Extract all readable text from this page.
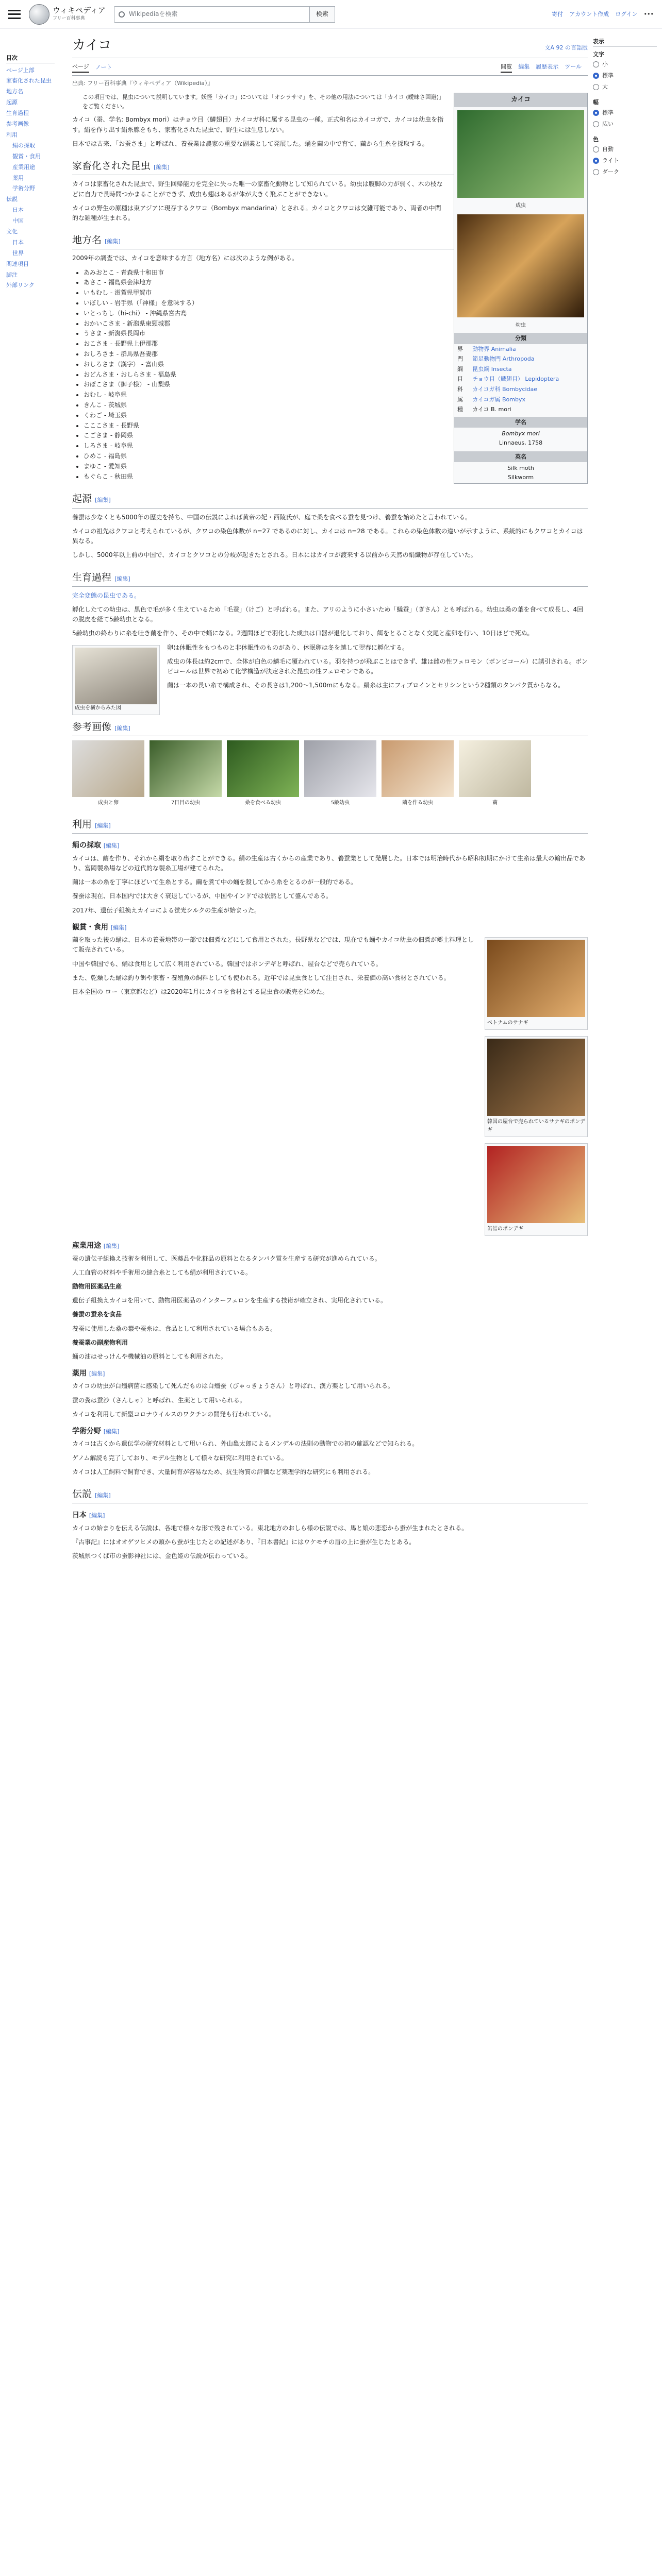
ウィキペディア
フリー百科事典
Wikipediaを検索	検索	寄付 アカウント作成 ログイン •••
目次
ページ上部
家畜化された昆虫
地方名
起源
生育過程
参考画像
利用
絹の採取
観賞・食用
産業用途
薬用
学術分野
伝説
日本
中国
文化
日本
世界
関連項目
脚注
外部リンク
カイコ	文A 92 の言語版
ページ ノート	閲覧 編集 履歴表示 ツール
出典: フリー百科事典『ウィキペディア（Wikipedia）』
カイコ
成虫
幼虫
分類
界	動物界 Animalia
門	節足動物門 Arthropoda
綱	昆虫綱 Insecta
目	チョウ目（鱗翅目） Lepidoptera
科	カイコガ科 Bombycidae
属	カイコガ属 Bombyx
種	カイコ B. mori
学名
Bombyx mori
Linnaeus, 1758
英名
Silk moth
Silkworm
この項目では、昆虫について説明しています。妖怪「カイコ」については「オシラサマ」を、その他の用法については「カイコ (曖昧さ回避)」をご覧ください。

カイコ（蚕、学名: Bombyx mori）はチョウ目（鱗翅目）カイコガ科に属する昆虫の一種。正式和名はカイコガで、カイコは幼虫を指す。絹を作り出す絹糸腺をもち、家畜化された昆虫で、野生には生息しない。

日本では古来、「お蚕さま」と呼ばれ、養蚕業は農家の重要な副業として発展した。蛹を繭の中で育て、繭から生糸を採取する。

家畜化された昆虫 [編集]

カイコは家畜化された昆虫で、野生回帰能力を完全に失った唯一の家畜化動物として知られている。幼虫は腹脚の力が弱く、木の枝などに自力で長時間つかまることができず、成虫も翅はあるが体が大きく飛ぶことができない。

カイコの野生の原種は東アジアに現存するクワコ（Bombyx mandarina）とされる。カイコとクワコは交雑可能であり、両者の中間的な雑種が生まれる。

地方名 [編集]

2009年の調査では、カイコを意味する方言（地方名）には次のような例がある。

• あみおとこ - 青森県十和田市
• あさこ - 福島県会津地方
• いもむし - 滋賀県甲賀市
• いぼしい - 岩手県（「神様」を意味する）
• いとっちし（hi-chi） - 沖縄県宮古島
• おかいこさま - 新潟県東頸城郡
• うさま - 新潟県長岡市
• おこさま - 長野県上伊那郡
• おしろさま - 群馬県吾妻郡
• おしろさま（漢字） - 富山県
• おどんさま・おしらさま - 福島県
• おぼこさま（御子様） - 山梨県
• おむし - 岐阜県
• きんこ - 茨城県
• くわご - 埼玉県
• こここさま - 長野県
• こごさま - 静岡県
• しろさま - 岐阜県
• ひめこ - 福島県
• まゆこ - 愛知県
• もぐらこ - 秋田県
起源 [編集]

養蚕は少なくとも5000年の歴史を持ち、中国の伝説によれば黄帝の妃・西陵氏が、庭で桑を食べる蚕を見つけ、養蚕を始めたと言われている。

カイコの祖先はクワコと考えられているが、クワコの染色体数が n=27 であるのに対し、カイコは n=28 である。これらの染色体数の違いが示すように、系統的にもクワコとカイコは異なる。

しかし、5000年以上前の中国で、カイコとクワコとの分岐が起きたとされる。日本にはカイコが渡来する以前から天然の絹織物が存在していた。

生育過程 [編集]

完全変態の昆虫である。

孵化したての幼虫は、黒色で毛が多く生えているため「毛蚕」（けご）と呼ばれる。また、アリのように小さいため「蟻蚕」（ぎさん）とも呼ばれる。幼虫は桑の葉を食べて成長し、4回の脱皮を経て5齢幼虫となる。

5齢幼虫の終わりに糸を吐き繭を作り、その中で蛹になる。2週間ほどで羽化した成虫は口器が退化しており、餌をとることなく交尾と産卵を行い、10日ほどで死ぬ。

成虫を横からみた図

卵は休眠性をもつものと非休眠性のものがあり、休眠卵は冬を越して翌春に孵化する。

成虫の体長は約2cmで、全体が白色の鱗毛に覆われている。羽を持つが飛ぶことはできず、雄は雌の性フェロモン（ボンビコール）に誘引される。ボンビコールは世界で初めて化学構造が決定された昆虫の性フェロモンである。

繭は一本の長い糸で構成され、その長さは1,200〜1,500mにもなる。絹糸は主にフィブロインとセリシンという2種類のタンパク質からなる。

参考画像 [編集]
成虫と卵	7日目の幼虫	桑を食べる幼虫	5齢幼虫	繭を作る幼虫	繭
利用 [編集]
絹の採取 [編集]

カイコは、繭を作り、それから絹を取り出すことができる。絹の生産は古くからの産業であり、養蚕業として発展した。日本では明治時代から昭和初期にかけて生糸は最大の輸出品であり、富岡製糸場などの近代的な製糸工場が建てられた。

繭は一本の糸を丁寧にほどいて生糸とする。繭を煮て中の蛹を殺してから糸をとるのが一般的である。

養蚕は現在、日本国内では大きく衰退しているが、中国やインドでは依然として盛んである。

2017年、遺伝子組換えカイコによる蛍光シルクの生産が始まった。

観賞・食用 [編集]
ベトナムのサナギ

繭を取った後の蛹は、日本の養蚕地帯の一部では佃煮などにして食用とされた。長野県などでは、現在でも蛹やカイコ幼虫の佃煮が郷土料理として販売されている。

中国や韓国でも、蛹は食用として広く利用されている。韓国ではポンデギと呼ばれ、屋台などで売られている。

韓国の屋台で売られているサナギのポンデギ

また、乾燥した蛹は釣り餌や家畜・養殖魚の飼料としても使われる。近年では昆虫食として注目され、栄養価の高い食材とされている。

日本全国の ロー（東京都など）は2020年1月にカイコを食材とする昆虫食の販売を始めた。

缶詰のポンデギ
産業用途 [編集]

蚕の遺伝子組換え技術を利用して、医薬品や化粧品の原料となるタンパク質を生産する研究が進められている。

人工血管の材料や手術用の縫合糸としても絹が利用されている。

動物用医薬品生産

遺伝子組換えカイコを用いて、動物用医薬品のインターフェロンを生産する技術が確立され、実用化されている。

養蚕の蚕糸を食品

養蚕に使用した桑の葉や蚕糸は、食品として利用されている場合もある。

養蚕業の副産物利用

蛹の油はせっけんや機械油の原料としても利用された。

薬用 [編集]

カイコの幼虫が白殭病菌に感染して死んだものは白殭蚕（びゃっきょうさん）と呼ばれ、漢方薬として用いられる。

蚕の糞は蚕沙（さんしゃ）と呼ばれ、生薬として用いられる。

カイコを利用して新型コロナウイルスのワクチンの開発も行われている。

学術分野 [編集]

カイコは古くから遺伝学の研究材料として用いられ、外山亀太郎によるメンデルの法則の動物での初の確認などで知られる。

ゲノム解読も完了しており、モデル生物として様々な研究に利用されている。

カイコは人工飼料で飼育でき、大量飼育が容易なため、抗生物質の評価など薬理学的な研究にも利用される。

伝説 [編集]
日本 [編集]

カイコの始まりを伝える伝説は、各地で様々な形で残されている。東北地方のおしら様の伝説では、馬と娘の悲恋から蚕が生まれたとされる。

『古事記』にはオオゲツヒメの頭から蚕が生じたとの記述があり、『日本書紀』にはウケモチの眉の上に蚕が生じたとある。

茨城県つくば市の蚕影神社には、金色姫の伝説が伝わっている。

表示
文字
小
標準
大
幅
標準
広い
色
自動
ライト
ダーク
